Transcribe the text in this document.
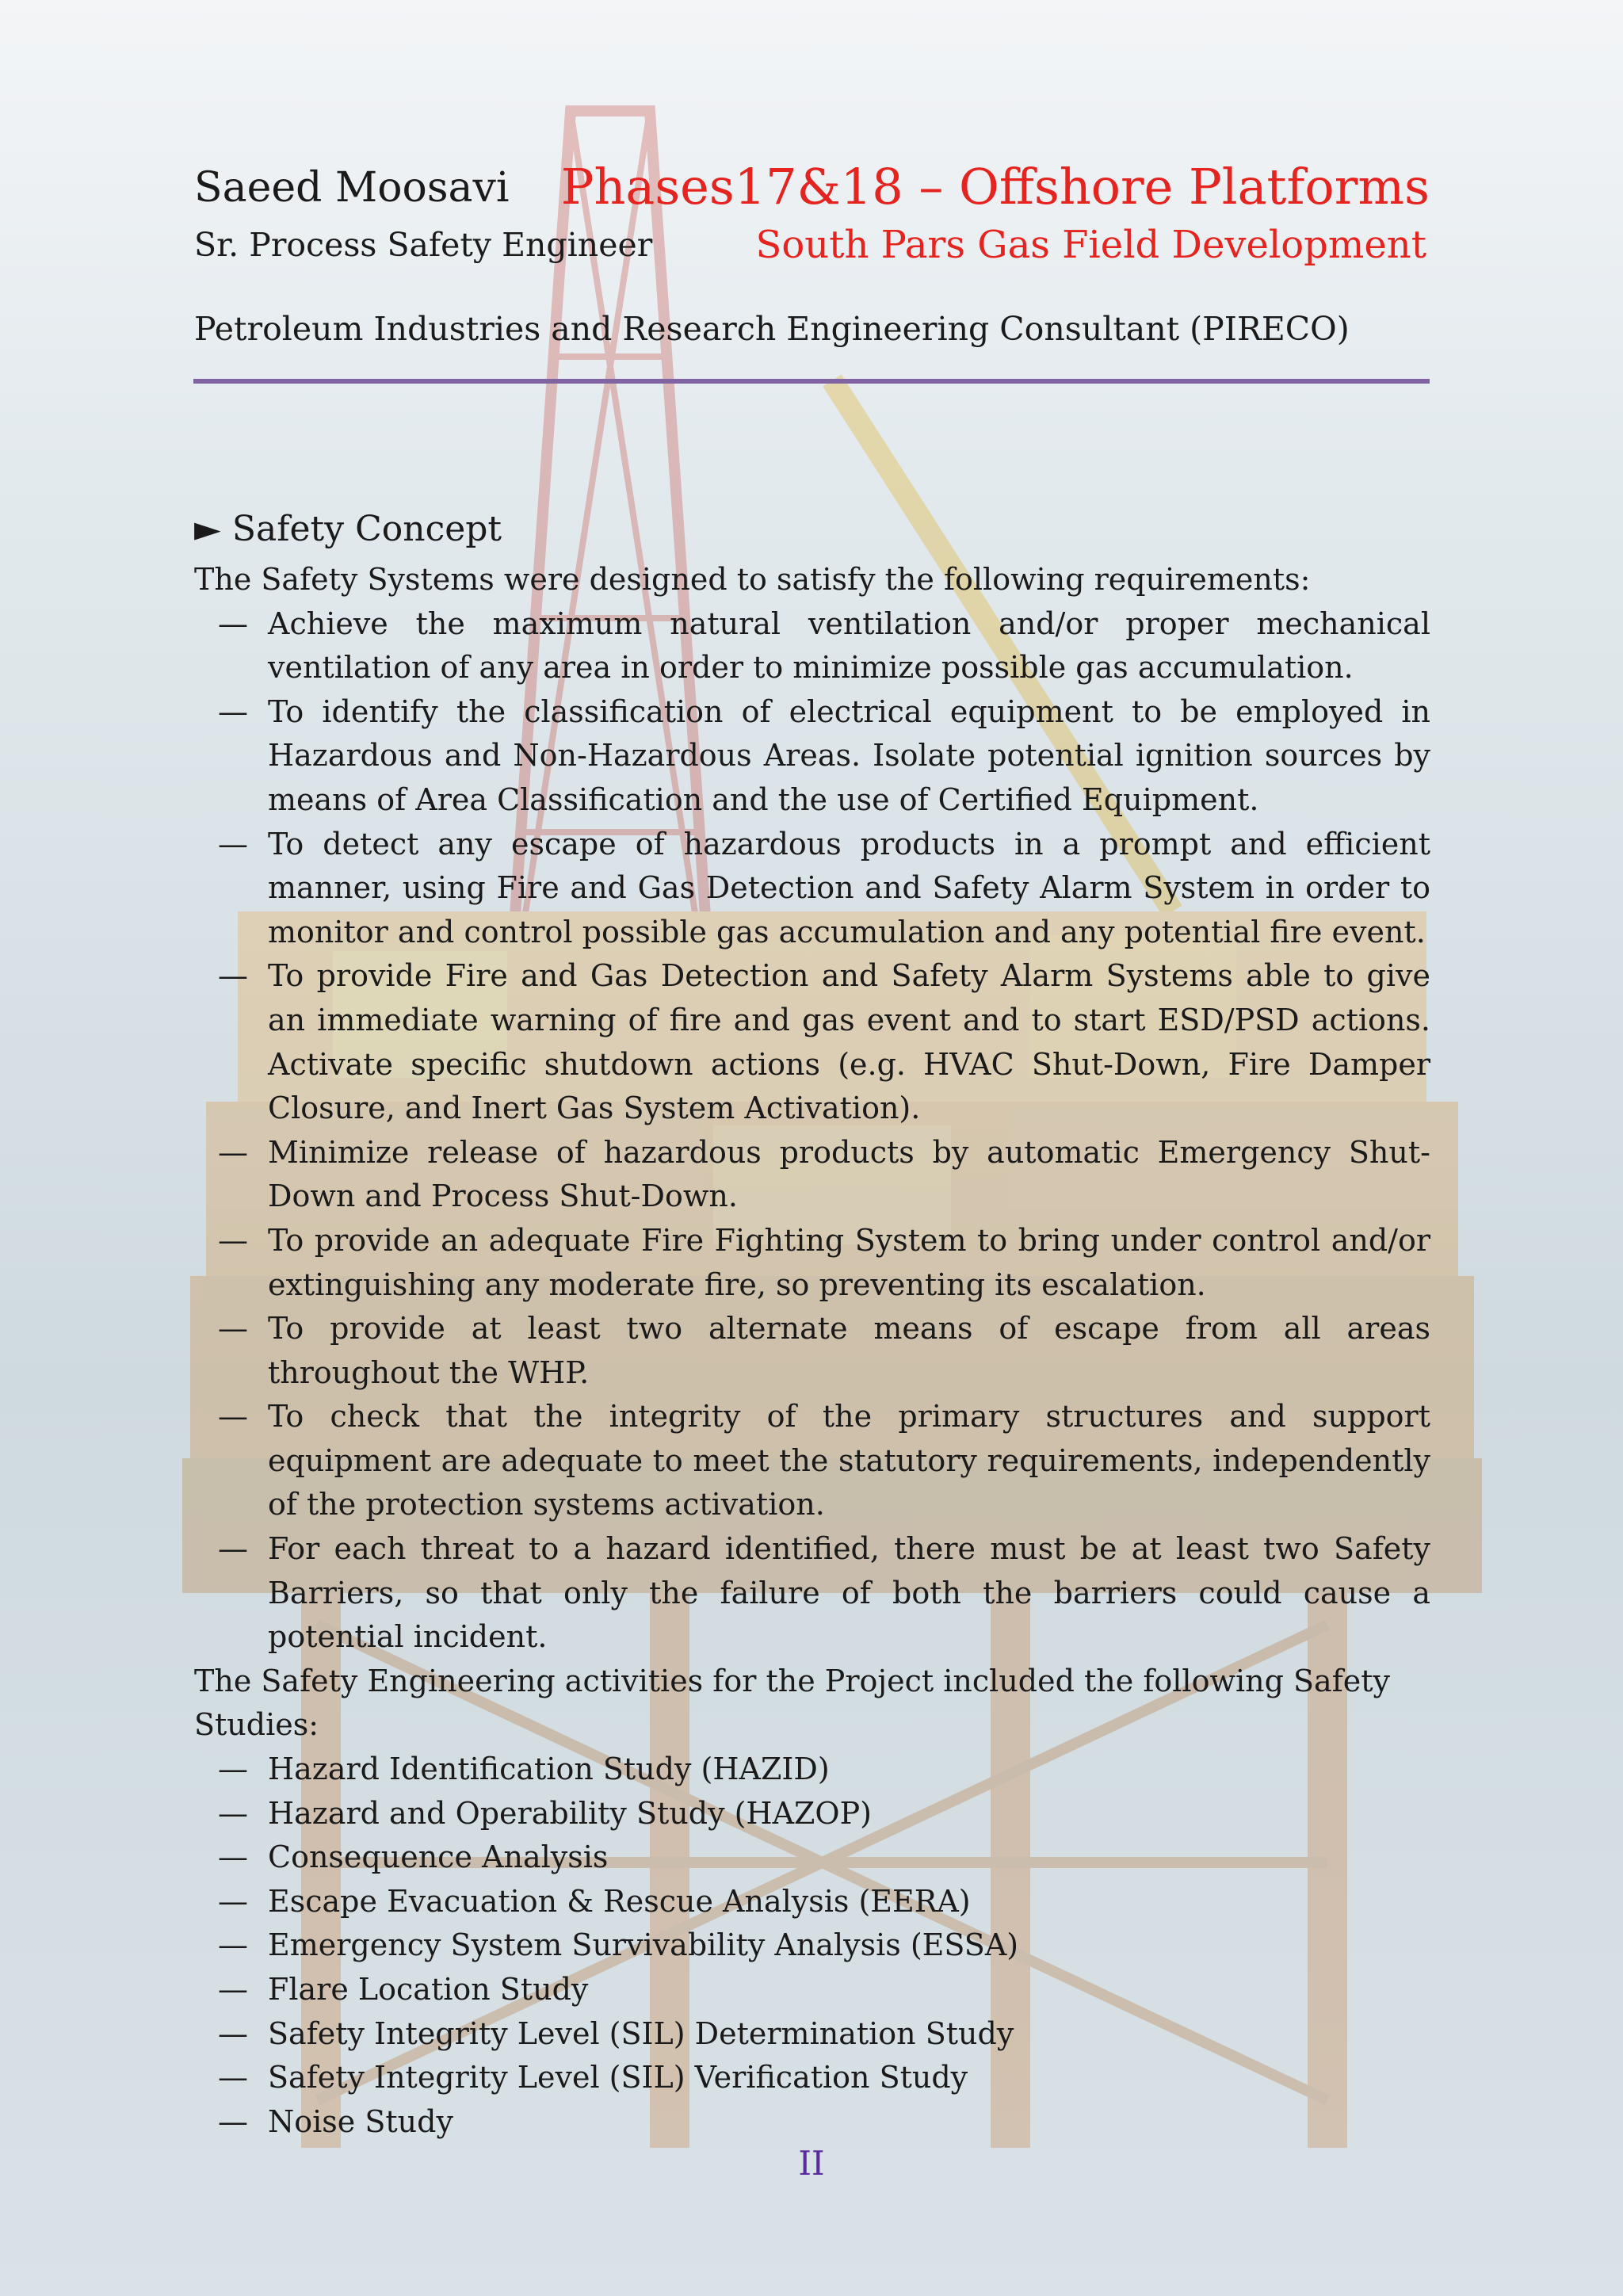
Saeed Moosavi
Sr. Process Safety Engineer
Phases17&18 – Offshore Platforms
South Pars Gas Field Development
Petroleum Industries and Research Engineering Consultant (PIRECO)
► Safety Concept

The Safety Systems were designed to satisfy the following requirements:

— Achieve the maximum natural ventilation and/or proper mechanical ventilation of any area in order to minimize possible gas accumulation.
— To identify the classification of electrical equipment to be employed in Hazardous and Non-Hazardous Areas. Isolate potential ignition sources by means of Area Classification and the use of Certified Equipment.
— To detect any escape of hazardous products in a prompt and efficient manner, using Fire and Gas Detection and Safety Alarm System in order to monitor and control possible gas accumulation and any potential fire event.
— To provide Fire and Gas Detection and Safety Alarm Systems able to give an immediate warning of fire and gas event and to start ESD/PSD actions. Activate specific shutdown actions (e.g. HVAC Shut-Down, Fire Damper Closure, and Inert Gas System Activation).
— Minimize release of hazardous products by automatic Emergency Shut-Down and Process Shut-Down.
— To provide an adequate Fire Fighting System to bring under control and/or extinguishing any moderate fire, so preventing its escalation.
— To provide at least two alternate means of escape from all areas throughout the WHP.
— To check that the integrity of the primary structures and support equipment are adequate to meet the statutory requirements, independently of the protection systems activation.
— For each threat to a hazard identified, there must be at least two Safety Barriers, so that only the failure of both the barriers could cause a potential incident.

The Safety Engineering activities for the Project included the following Safety Studies:

— Hazard Identification Study (HAZID)
— Hazard and Operability Study (HAZOP)
— Consequence Analysis
— Escape Evacuation & Rescue Analysis (EERA)
— Emergency System Survivability Analysis (ESSA)
— Flare Location Study
— Safety Integrity Level (SIL) Determination Study
— Safety Integrity Level (SIL) Verification Study
— Noise Study
II
